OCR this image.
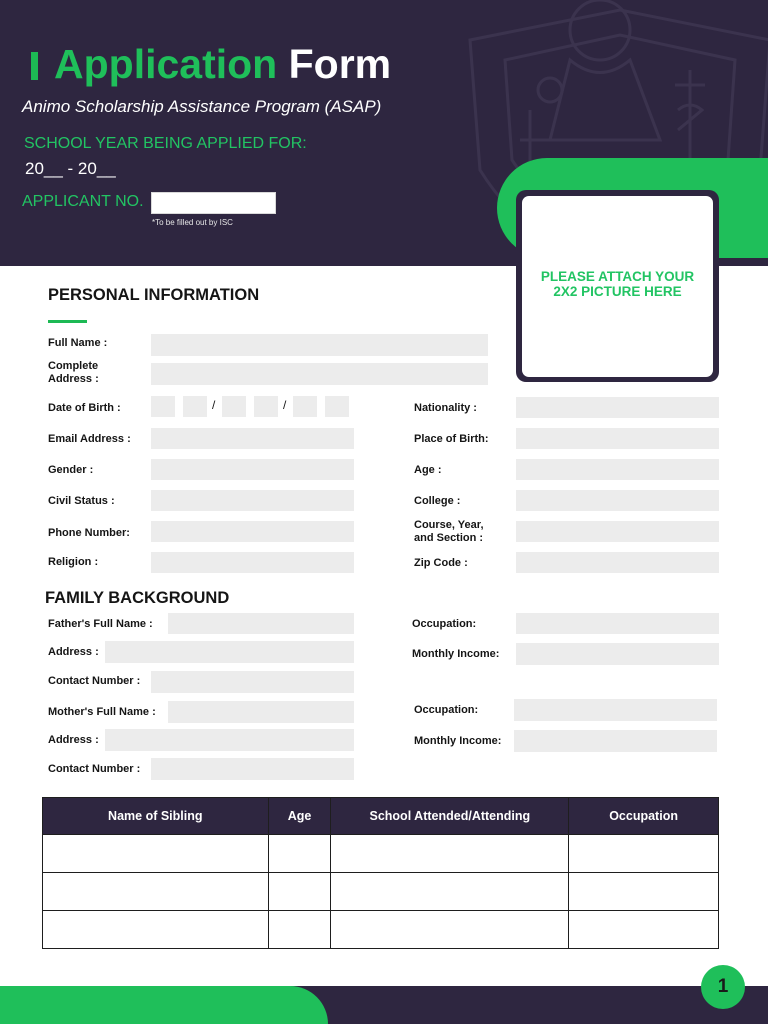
Application Form
Animo Scholarship Assistance Program (ASAP)
SCHOOL YEAR BEING APPLIED FOR:
20__ - 20__
APPLICANT NO.
*To be filled out by ISC
PLEASE ATTACH YOUR
2X2 PICTURE HERE
PERSONAL INFORMATION
Full Name :
Complete
Address :
Date of Birth :	/	/
Email Address :
Gender :
Civil Status :
Phone Number:
Religion :
Nationality :
Place of Birth:
Age :
College :
Course, Year,
and Section :
Zip Code :
FAMILY BACKGROUND
Father's Full Name :
Address :
Contact Number :
Mother's Full Name :
Address :
Contact Number :
Occupation:
Monthly Income:
Occupation:
Monthly Income:
Name of Sibling	Age	School Attended/Attending	Occupation

1
